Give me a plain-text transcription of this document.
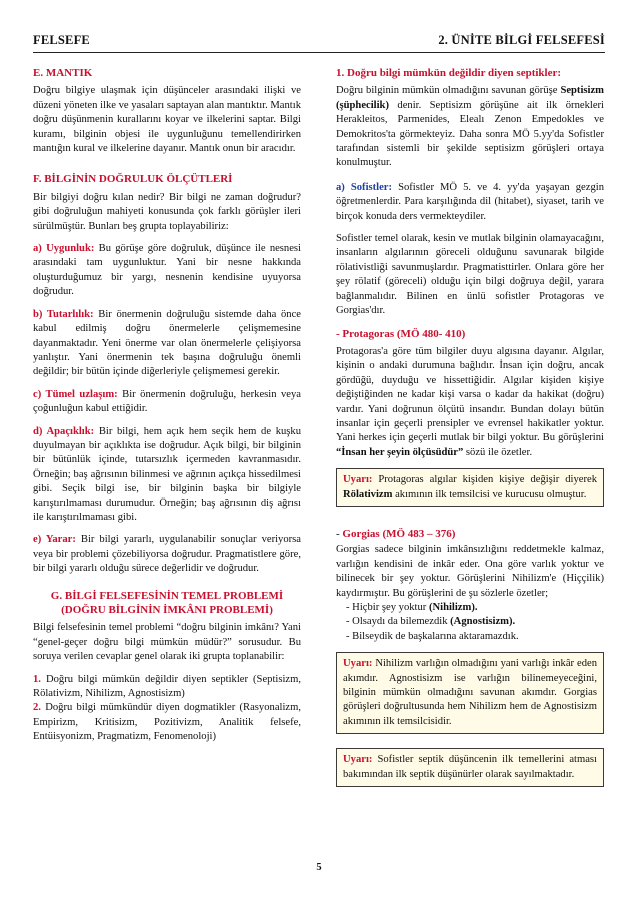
FELSEFE	2. ÜNİTE BİLGİ FELSEFESİ
E. MANTIK

Doğru bilgiye ulaşmak için düşünceler arasındaki ilişki ve düzeni yöneten ilke ve yasaları saptayan alan mantıktır. Mantık doğru düşünmenin kurallarını koyar ve ilkelerini saptar. Bilgi kuramı, bilginin objesi ile uygunluğunu temellendirirken mantığın kural ve ilkelerine dayanır. Mantık onun bir aracıdır.

F. BİLGİNİN DOĞRULUK ÖLÇÜTLERİ

Bir bilgiyi doğru kılan nedir? Bir bilgi ne zaman doğrudur? gibi doğruluğun mahiyeti konusunda çok farklı görüşler ileri sürülmüştür. Bunları beş grupta toplayabiliriz:

a) Uygunluk: Bu görüşe göre doğruluk, düşünce ile nesnesi arasındaki tam uygunluktur. Yani bir nesne hakkında oluşturduğumuz bir yargı, nesnenin kendisine uyuyorsa doğrudur.

b) Tutarlılık: Bir önermenin doğruluğu sistemde daha önce kabul edilmiş doğru önermelerle çelişmemesine dayanmaktadır. Yeni önerme var olan önermelerle çelişiyorsa yanlıştır. Yani önermenin tek başına doğruluğu önemli değildir; bir bütün içinde diğerleriyle çelişmemesi gerekir.

c) Tümel uzlaşım: Bir önermenin doğruluğu, herkesin veya çoğunluğun kabul ettiğidir.

d) Apaçıklık: Bir bilgi, hem açık hem seçik hem de kuşku duyulmayan bir açıklıkta ise doğrudur. Açık bilgi, bir bilginin bir bütünlük içinde, tutarsızlık içermeden kavranmasıdır. Örneğin; baş ağrısının bilinmesi ve ağrının açıkça hissedilmesi gibi. Seçik bilgi ise, bir bilginin başka bir bilgiyle karıştırılmaması durumudur. Örneğin; baş ağrısının diş ağrısı ile karıştırılmaması gibi.

e) Yarar: Bir bilgi yararlı, uygulanabilir sonuçlar veriyorsa veya bir problemi çözebiliyorsa doğrudur. Pragmatistlere göre, bir bilgi yararlı olduğu sürece değerlidir ve doğrudur.

G. BİLGİ FELSEFESİNİN TEMEL PROBLEMİ
(DOĞRU BİLGİNİN İMKÂNI PROBLEMİ)

Bilgi felsefesinin temel problemi “doğru bilginin imkânı? Yani “genel-geçer doğru bilgi mümkün müdür?” sorusudur. Bu soruya verilen cevaplar genel olarak iki grupta toplanabilir:

1. Doğru bilgi mümkün değildir diyen septikler (Septisizm, Rölativizm, Nihilizm, Agnostisizm)
2. Doğru bilgi mümkündür diyen dogmatikler (Rasyonalizm, Empirizm, Kritisizm, Pozitivizm, Analitik felsefe, Entüisyonizm, Pragmatizm, Fenomenoloji)

1. Doğru bilgi mümkün değildir diyen septikler:

Doğru bilginin mümkün olmadığını savunan görüşe Septisizm (şüphecilik) denir. Septisizm görüşüne ait ilk örnekleri Herakleitos, Parmenides, Elealı Zenon Empedokles ve Demokritos'ta görmekteyiz. Daha sonra MÖ 5.yy'da Sofistler tarafından sistemli bir şekilde septisizm görüşleri ortaya konulmuştur.

a) Sofistler: Sofistler MÖ 5. ve 4. yy'da yaşayan gezgin öğretmenlerdir. Para karşılığında dil (hitabet), siyaset, tarih ve birçok konuda ders vermekteydiler.

Sofistler temel olarak, kesin ve mutlak bilginin olamayacağını, insanların algılarının göreceli olduğunu savunarak bilgide rölativistliği savunmuşlardır. Pragmatisttirler. Onlara göre her şey rölatif (göreceli) olduğu için bilgi doğruya değil, yarara bağlanmalıdır. Bilinen en ünlü sofistler Protagoras ve Gorgias'dır.

- Protagoras (MÖ 480- 410)

Protagoras'a göre tüm bilgiler duyu algısına dayanır. Algılar, kişinin o andaki durumuna bağlıdır. İnsan için doğru, ancak gördüğü, duyduğu ve hissettiğidir. Algılar kişiden kişiye değiştiğinden ne kadar kişi varsa o kadar da hakikat (doğru) vardır. Yani doğrunun ölçütü insandır. Bundan dolayı bütün insanlar için geçerli prensipler ve evrensel hakikatler yoktur. Yani herkes için geçerli mutlak bir bilgi yoktur. Bu görüşlerini “İnsan her şeyin ölçüsüdür” sözü ile özetler.

Uyarı: Protagoras algılar kişiden kişiye değişir diyerek Rölativizm akımının ilk temsilcisi ve kurucusu olmuştur.
- Gorgias (MÖ 483 – 376)

Gorgias sadece bilginin imkânsızlığını reddetmekle kalmaz, varlığın kendisini de inkâr eder. Ona göre varlık yoktur ve bilinecek bir şey yoktur. Görüşlerini Nihilizm'e (Hiççilik) kaydırmıştır. Bu görüşlerini de şu sözlerle özetler;

- Hiçbir şey yoktur (Nihilizm).
- Olsaydı da bilemezdik (Agnostisizm).
- Bilseydik de başkalarına aktaramazdık.
Uyarı: Nihilizm varlığın olmadığını yani varlığı inkâr eden akımdır. Agnostisizm ise varlığın bilinemeyeceğini, bilginin mümkün olmadığını savunan akımdır. Gorgias görüşleri doğrultusunda hem Nihilizm hem de Agnostisizm akımının ilk temsilcisidir.
Uyarı: Sofistler septik düşüncenin ilk temellerini atması bakımından ilk septik düşünürler olarak sayılmaktadır.
5
